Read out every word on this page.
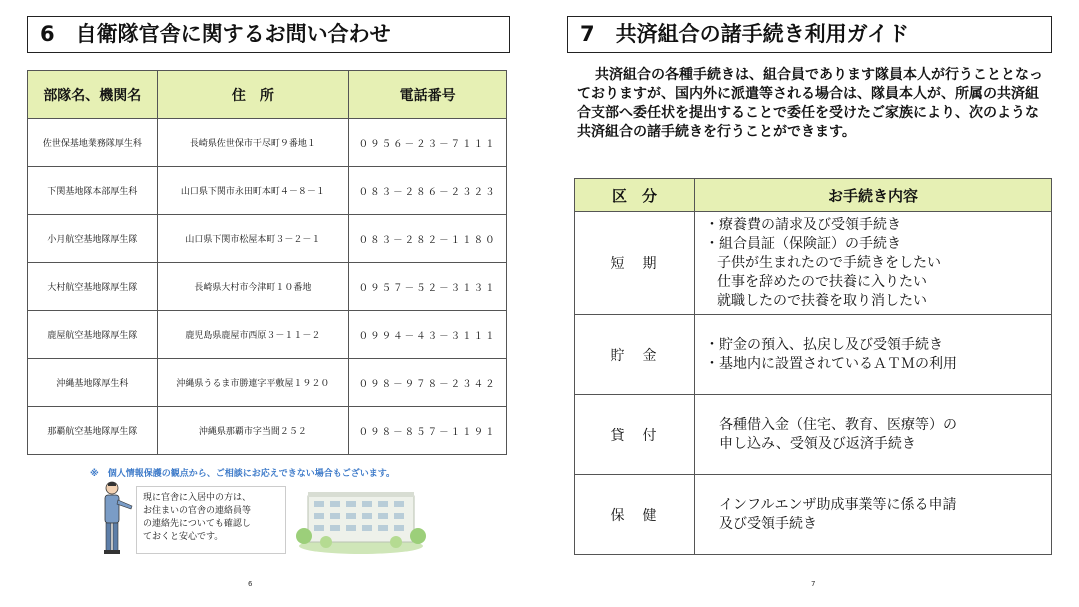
6　自衛隊官舎に関するお問い合わせ
部隊名、機関名	住　所	電話番号
佐世保基地業務隊厚生科	長崎県佐世保市干尽町９番地１	０９５６－２３－７１１１
下関基地隊本部厚生科	山口県下関市永田町本町４－８－１	０８３－２８６－２３２３
小月航空基地隊厚生隊	山口県下関市松屋本町３－２－１	０８３－２８２－１１８０
大村航空基地隊厚生隊	長崎県大村市今津町１０番地	０９５７－５２－３１３１
鹿屋航空基地隊厚生隊	鹿児島県鹿屋市西原３－１１－２	０９９４－４３－３１１１
沖縄基地隊厚生科	沖縄県うるま市勝連字平敷屋１９２０	０９８－９７８－２３４２
那覇航空基地隊厚生隊	沖縄県那覇市字当間２５２	０９８－８５７－１１９１
※　個人情報保護の観点から、ご相談にお応えできない場合もございます。
現に官舎に入居中の方は、
お住まいの官舎の連絡員等
の連絡先についても確認し
ておくと安心です。
6
7　共済組合の諸手続き利用ガイド

共済組合の各種手続きは、組合員であります隊員本人が行うこととなっておりますが、国内外に派遣等される場合は、隊員本人が、所属の共済組合支部へ委任状を提出することで委任を受けたご家族により、次のような共済組合の諸手続きを行うことができます。

区　分	お手続き内容
短　期	・療養費の請求及び受領手続き
・組合員証（保険証）の手続き
子供が生まれたので手続きをしたい
仕事を辞めたので扶養に入りたい
就職したので扶養を取り消したい

貯　金	・貯金の預入、払戻し及び受領手続き
・基地内に設置されているＡＴＭの利用

貸　付	各種借入金（住宅、教育、医療等）の
申し込み、受領及び返済手続き

保　健	インフルエンザ助成事業等に係る申請
及び受領手続き
7
